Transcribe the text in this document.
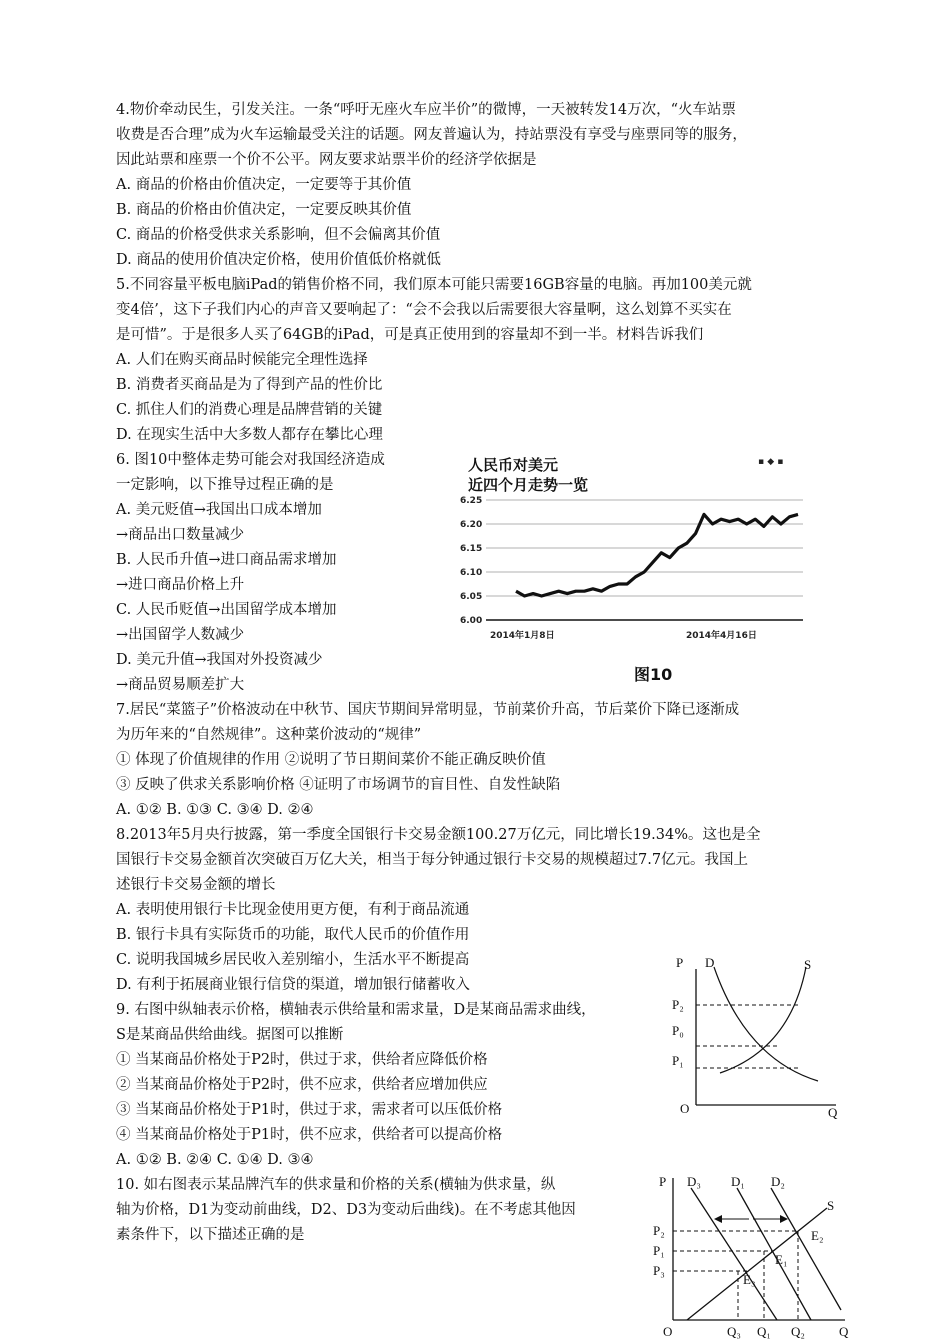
4.物价牵动民生，引发关注。一条“呼吁无座火车应半价”的微博，一天被转发14万次，“火车站票
收费是否合理”成为火车运输最受关注的话题。网友普遍认为，持站票没有享受与座票同等的服务，
因此站票和座票一个价不公平。网友要求站票半价的经济学依据是
A. 商品的价格由价值决定，一定要等于其价值
B. 商品的价格由价值决定，一定要反映其价值
C. 商品的价格受供求关系影响，但不会偏离其价值
D. 商品的使用价值决定价格，使用价值低价格就低
5.不同容量平板电脑iPad的销售价格不同，我们原本可能只需要16GB容量的电脑。再加100美元就
变4倍’，这下子我们内心的声音又要响起了：“会不会我以后需要很大容量啊，这么划算不买实在
是可惜”。于是很多人买了64GB的iPad，可是真正使用到的容量却不到一半。材料告诉我们
A. 人们在购买商品时候能完全理性选择
B. 消费者买商品是为了得到产品的性价比
C. 抓住人们的消费心理是品牌营销的关键
D. 在现实生活中大多数人都存在攀比心理
6. 图10中整体走势可能会对我国经济造成
一定影响，以下推导过程正确的是
A. 美元贬值→我国出口成本增加
→商品出口数量减少
B. 人民币升值→进口商品需求增加
→进口商品价格上升
C. 人民币贬值→出国留学成本增加
→出国留学人数减少
D. 美元升值→我国对外投资减少
→商品贸易顺差扩大
人民币对美元
近四个月走势一览
▪ ◆ ▪
6.25
6.20
6.15
6.10
6.05
6.00
2014年1月8日	2014年4月16日
图10
7.居民“菜篮子”价格波动在中秋节、国庆节期间异常明显，节前菜价升高，节后菜价下降已逐渐成
为历年来的“自然规律”。这种菜价波动的“规律”
① 体现了价值规律的作用 ②说明了节日期间菜价不能正确反映价值
③ 反映了供求关系影响价格 ④证明了市场调节的盲目性、自发性缺陷
A. ①② B. ①③ C. ③④ D. ②④
8.2013年5月央行披露，第一季度全国银行卡交易金额100.27万亿元，同比增长19.34%。这也是全
国银行卡交易金额首次突破百万亿大关，相当于每分钟通过银行卡交易的规模超过7.7亿元。我国上
述银行卡交易金额的增长
A. 表明使用银行卡比现金使用更方便，有利于商品流通
B. 银行卡具有实际货币的功能，取代人民币的价值作用
C. 说明我国城乡居民收入差别缩小，生活水平不断提高
D. 有利于拓展商业银行信贷的渠道，增加银行储蓄收入
9. 右图中纵轴表示价格，横轴表示供给量和需求量，D是某商品需求曲线，
S是某商品供给曲线。据图可以推断
① 当某商品价格处于P2时，供过于求，供给者应降低价格
② 当某商品价格处于P2时，供不应求，供给者应增加供应
③ 当某商品价格处于P1时，供过于求，需求者可以压低价格
④ 当某商品价格处于P1时，供不应求，供给者可以提高价格
A. ①② B. ②④ C. ①④ D. ③④
P D	S
P₂
P₀
P₁
O	Q
10. 如右图表示某品牌汽车的供求量和价格的关系(横轴为供求量，纵
轴为价格，D1为变动前曲线，D2、D3为变动后曲线)。在不考虑其他因
素条件下，以下描述正确的是
P D₃ D₁ D₂
S
P₂
P₁
P₃
E₂
E₁
E₃
O	Q₃ Q₁ Q₂	Q
